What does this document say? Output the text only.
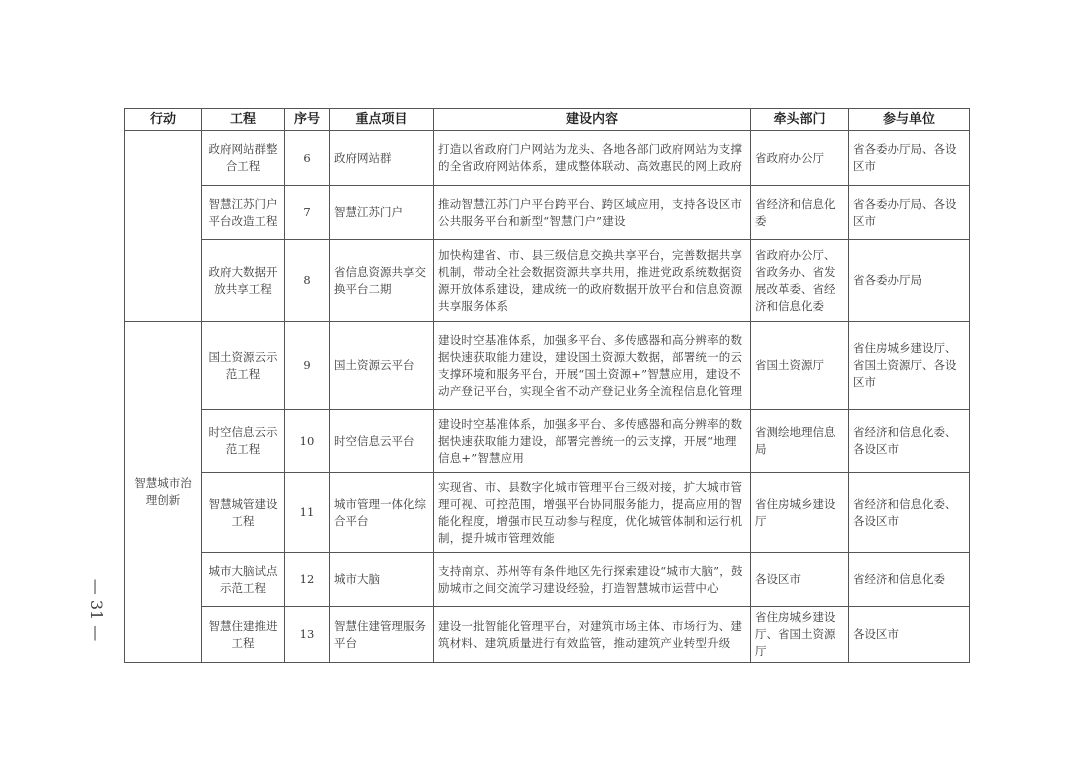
— 31 —
行动	工程	序号	重点项目	建设内容	牵头部门	参与单位
	政府网站群整合工程	6	政府网站群	打造以省政府门户网站为龙头、各地各部门政府网站为支撑的全省政府网站体系，建成整体联动、高效惠民的网上政府	省政府办公厅	省各委办厅局、各设区市
	智慧江苏门户平台改造工程	7	智慧江苏门户	推动智慧江苏门户平台跨平台、跨区域应用，支持各设区市公共服务平台和新型“智慧门户”建设	省经济和信息化委	省各委办厅局、各设区市
	政府大数据开放共享工程	8	省信息资源共享交换平台二期	加快构建省、市、县三级信息交换共享平台，完善数据共享机制，带动全社会数据资源共享共用，推进党政系统数据资源开放体系建设，建成统一的政府数据开放平台和信息资源共享服务体系	省政府办公厅、省政务办、省发展改革委、省经济和信息化委	省各委办厅局
智慧城市治理创新	国土资源云示范工程	9	国土资源云平台	建设时空基准体系，加强多平台、多传感器和高分辨率的数据快速获取能力建设，建设国土资源大数据，部署统一的云支撑环境和服务平台，开展“国土资源+”智慧应用，建设不动产登记平台，实现全省不动产登记业务全流程信息化管理	省国土资源厅	省住房城乡建设厅、省国土资源厅、各设区市
	时空信息云示范工程	10	时空信息云平台	建设时空基准体系，加强多平台、多传感器和高分辨率的数据快速获取能力建设，部署完善统一的云支撑，开展“地理信息+”智慧应用	省测绘地理信息局	省经济和信息化委、各设区市
	智慧城管建设工程	11	城市管理一体化综合平台	实现省、市、县数字化城市管理平台三级对接，扩大城市管理可视、可控范围，增强平台协同服务能力，提高应用的智能化程度，增强市民互动参与程度，优化城管体制和运行机制，提升城市管理效能	省住房城乡建设厅	省经济和信息化委、各设区市
	城市大脑试点示范工程	12	城市大脑	支持南京、苏州等有条件地区先行探索建设“城市大脑”，鼓励城市之间交流学习建设经验，打造智慧城市运营中心	各设区市	省经济和信息化委
	智慧住建推进工程	13	智慧住建管理服务平台	建设一批智能化管理平台，对建筑市场主体、市场行为、建筑材料、建筑质量进行有效监管，推动建筑产业转型升级	省住房城乡建设厅、省国土资源厅	各设区市
